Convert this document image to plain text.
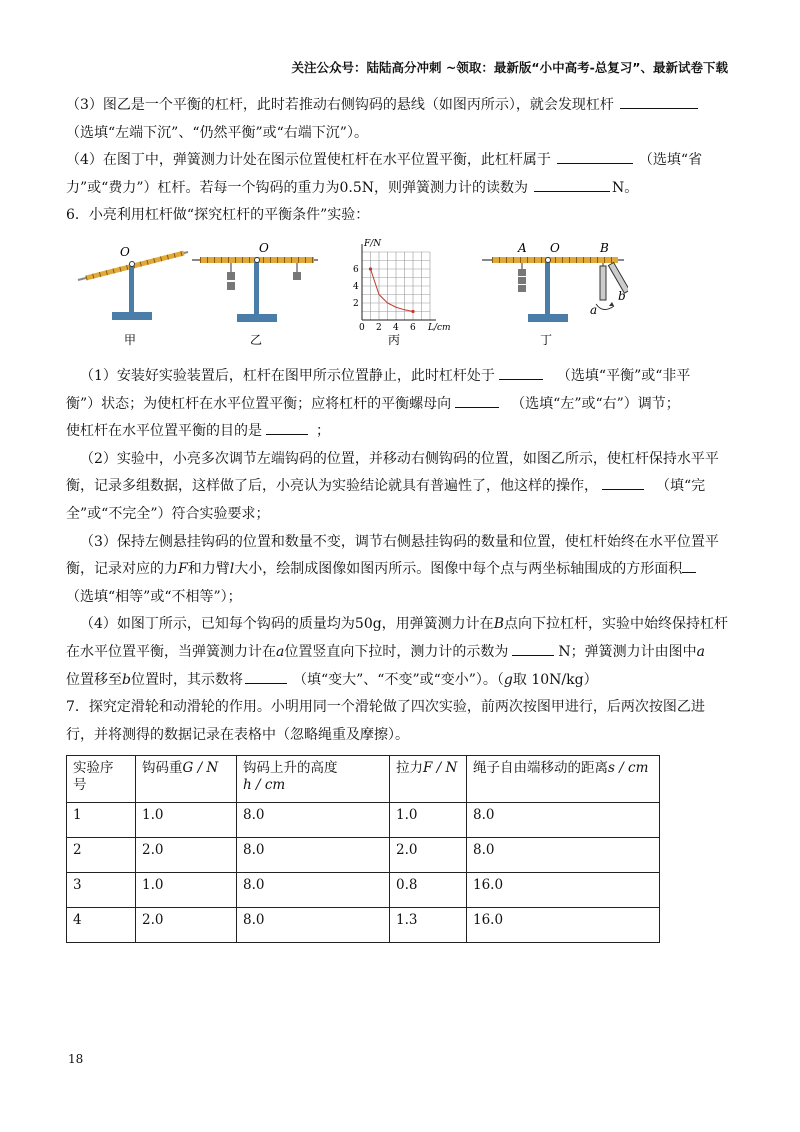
关注公众号：陆陆高分冲刺 ~领取：最新版“小中高考-总复习”、最新试卷下载

（3）图乙是一个平衡的杠杆，此时若推动右侧钩码的悬线（如图丙所示），就会发现杠杆

（选填“左端下沉”、“仍然平衡”或“右端下沉”）。

（4）在图丁中，弹簧测力计处在图示位置使杠杆在水平位置平衡，此杠杆属于	（选填“省

力”或“费力”）杠杆。若每一个钩码的重力为0.5N，则弹簧测力计的读数为	N。

6．小亮利用杠杆做“探究杠杆的平衡条件”实验：

O
甲
O
乙
F/N
L/cm
2
4
6
0 2 4 6
丙
A O	B
a
b
丁

（1）安装好实验装置后，杠杆在图甲所示位置静止，此时杠杆处于	（选填“平衡”或“非平

衡”）状态；为使杠杆在水平位置平衡；应将杠杆的平衡螺母向	（选填“左”或“右”）调节；

使杠杆在水平位置平衡的目的是	；

（2）实验中，小亮多次调节左端钩码的位置，并移动右侧钩码的位置，如图乙所示，使杠杆保持水平平

衡，记录多组数据，这样做了后，小亮认为实验结论就具有普遍性了，他这样的操作，	（填“完

全”或“不完全”）符合实验要求；

（3）保持左侧悬挂钩码的位置和数量不变，调节右侧悬挂钩码的数量和位置，使杠杆始终在水平位置平

衡，记录对应的力F和力臂l大小，绘制成图像如图丙所示。图像中每个点与两坐标轴围成的方形面积

（选填“相等”或“不相等”）；

（4）如图丁所示，已知每个钩码的质量均为50g，用弹簧测力计在B点向下拉杠杆，实验中始终保持杠杆

在水平位置平衡，当弹簧测力计在a位置竖直向下拉时，测力计的示数为	N；弹簧测力计由图中a

位置移至b位置时，其示数将	（填“变大”、“不变”或“变小”）。（g取 10N/kg）

7．探究定滑轮和动滑轮的作用。小明用同一个滑轮做了四次实验，前两次按图甲进行，后两次按图乙进

行，并将测得的数据记录在表格中（忽略绳重及摩擦）。

实验序
号	钩码重G / N	钩码上升的高度
h / cm	拉力F / N	绳子自由端移动的距离s / cm
1	1.0	8.0	1.0	8.0
2	2.0	8.0	2.0	8.0
3	1.0	8.0	0.8	16.0
4	2.0	8.0	1.3	16.0
18
